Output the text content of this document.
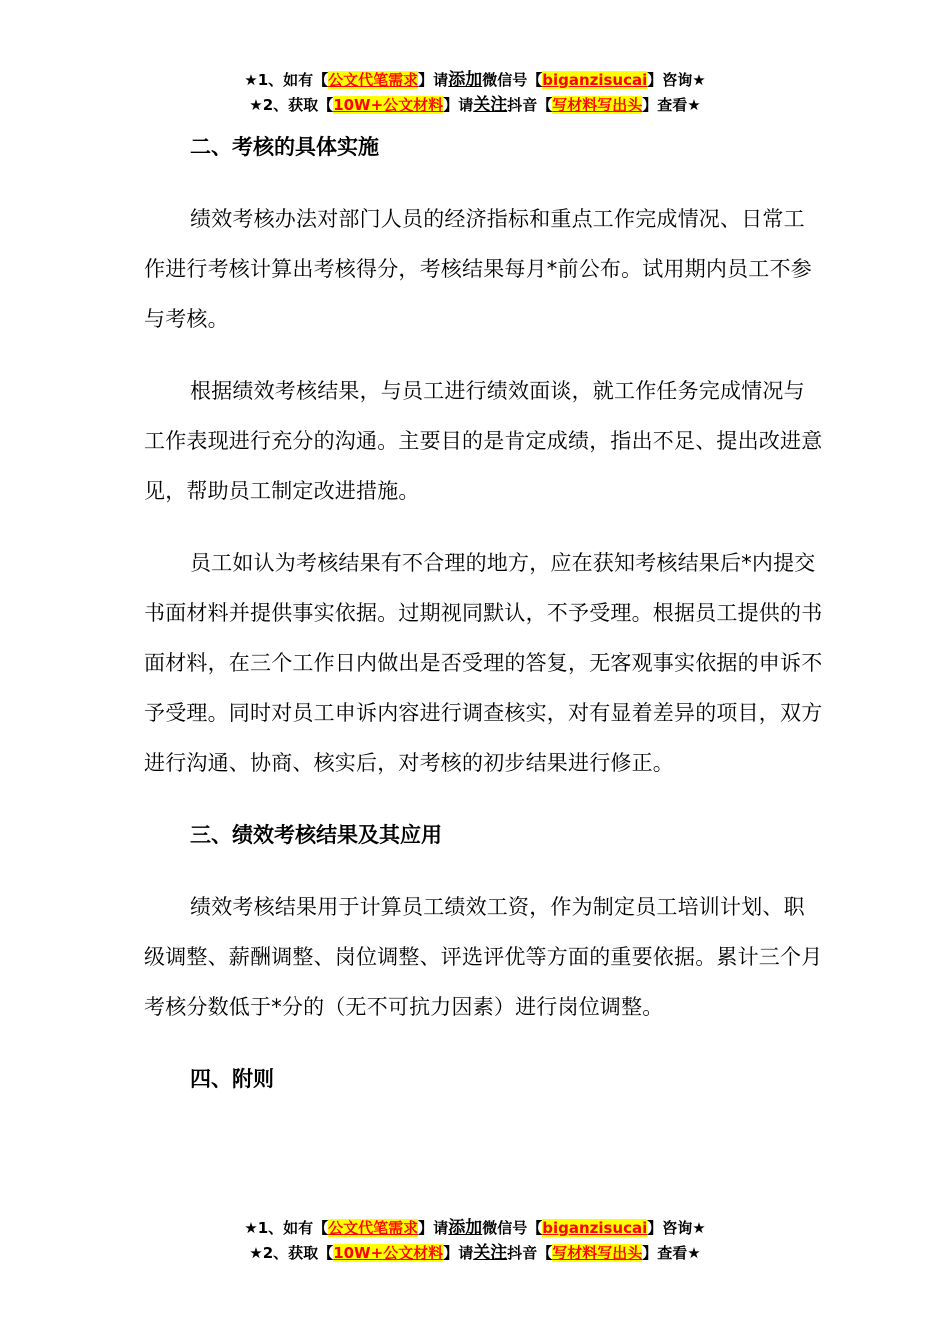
★1、如有【公文代笔需求】请添加微信号【biganzisucai】咨询★
★2、获取【10W+公文材料】请关注抖音【写材料写出头】查看★

二、考核的具体实施

绩效考核办法对部门人员的经济指标和重点工作完成情况、日常工作进行考核计算出考核得分，考核结果每月*前公布。试用期内员工不参与考核。

根据绩效考核结果，与员工进行绩效面谈，就工作任务完成情况与工作表现进行充分的沟通。主要目的是肯定成绩，指出不足、提出改进意见，帮助员工制定改进措施。

员工如认为考核结果有不合理的地方，应在获知考核结果后*内提交书面材料并提供事实依据。过期视同默认，不予受理。根据员工提供的书面材料，在三个工作日内做出是否受理的答复，无客观事实依据的申诉不予受理。同时对员工申诉内容进行调查核实，对有显着差异的项目，双方进行沟通、协商、核实后，对考核的初步结果进行修正。

三、绩效考核结果及其应用

绩效考核结果用于计算员工绩效工资，作为制定员工培训计划、职级调整、薪酬调整、岗位调整、评选评优等方面的重要依据。累计三个月考核分数低于*分的（无不可抗力因素）进行岗位调整。

四、附则

★1、如有【公文代笔需求】请添加微信号【biganzisucai】咨询★
★2、获取【10W+公文材料】请关注抖音【写材料写出头】查看★
